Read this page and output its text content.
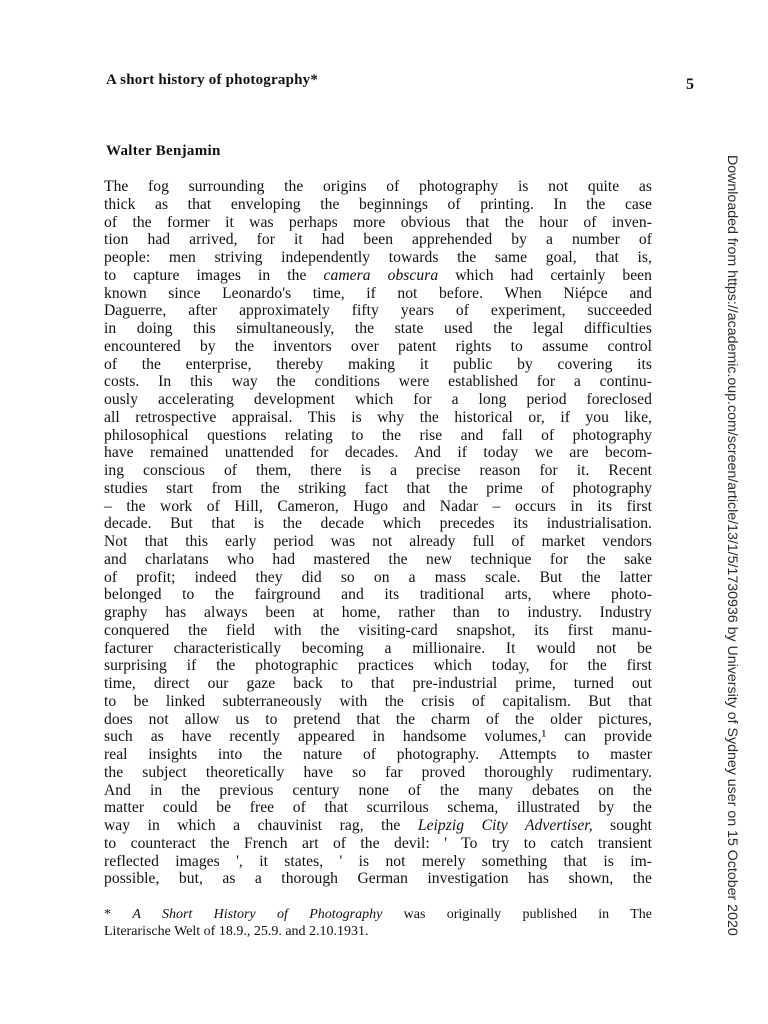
A short history of photography*	5
Walter Benjamin
The fog surrounding the origins of photography is not quite as
thick as that enveloping the beginnings of printing. In the case
of the former it was perhaps more obvious that the hour of inven-
tion had arrived, for it had been apprehended by a number of
people: men striving independently towards the same goal, that is,
to capture images in the camera obscura which had certainly been
known since Leonardo's time, if not before. When Niépce and
Daguerre, after approximately fifty years of experiment, succeeded
in doing this simultaneously, the state used the legal difficulties
encountered by the inventors over patent rights to assume control
of the enterprise, thereby making it public by covering its
costs. In this way the conditions were established for a continu-
ously accelerating development which for a long period foreclosed
all retrospective appraisal. This is why the historical or, if you like,
philosophical questions relating to the rise and fall of photography
have remained unattended for decades. And if today we are becom-
ing conscious of them, there is a precise reason for it. Recent
studies start from the striking fact that the prime of photography
– the work of Hill, Cameron, Hugo and Nadar – occurs in its first
decade. But that is the decade which precedes its industrialisation.
Not that this early period was not already full of market vendors
and charlatans who had mastered the new technique for the sake
of profit; indeed they did so on a mass scale. But the latter
belonged to the fairground and its traditional arts, where photo-
graphy has always been at home, rather than to industry. Industry
conquered the field with the visiting-card snapshot, its first manu-
facturer characteristically becoming a millionaire. It would not be
surprising if the photographic practices which today, for the first
time, direct our gaze back to that pre-industrial prime, turned out
to be linked subterraneously with the crisis of capitalism. But that
does not allow us to pretend that the charm of the older pictures,
such as have recently appeared in handsome volumes,¹ can provide
real insights into the nature of photography. Attempts to master
the subject theoretically have so far proved thoroughly rudimentary.
And in the previous century none of the many debates on the
matter could be free of that scurrilous schema, illustrated by the
way in which a chauvinist rag, the Leipzig City Advertiser, sought
to counteract the French art of the devil: ' To try to catch transient
reflected images ', it states, ' is not merely something that is im-
possible, but, as a thorough German investigation has shown, the
* A Short History of Photography was originally published in The
Literarische Welt of 18.9., 25.9. and 2.10.1931.	Downloaded from https://academic.oup.com/screen/article/13/1/5/1730936 by University of Sydney user on 15 October 2020
